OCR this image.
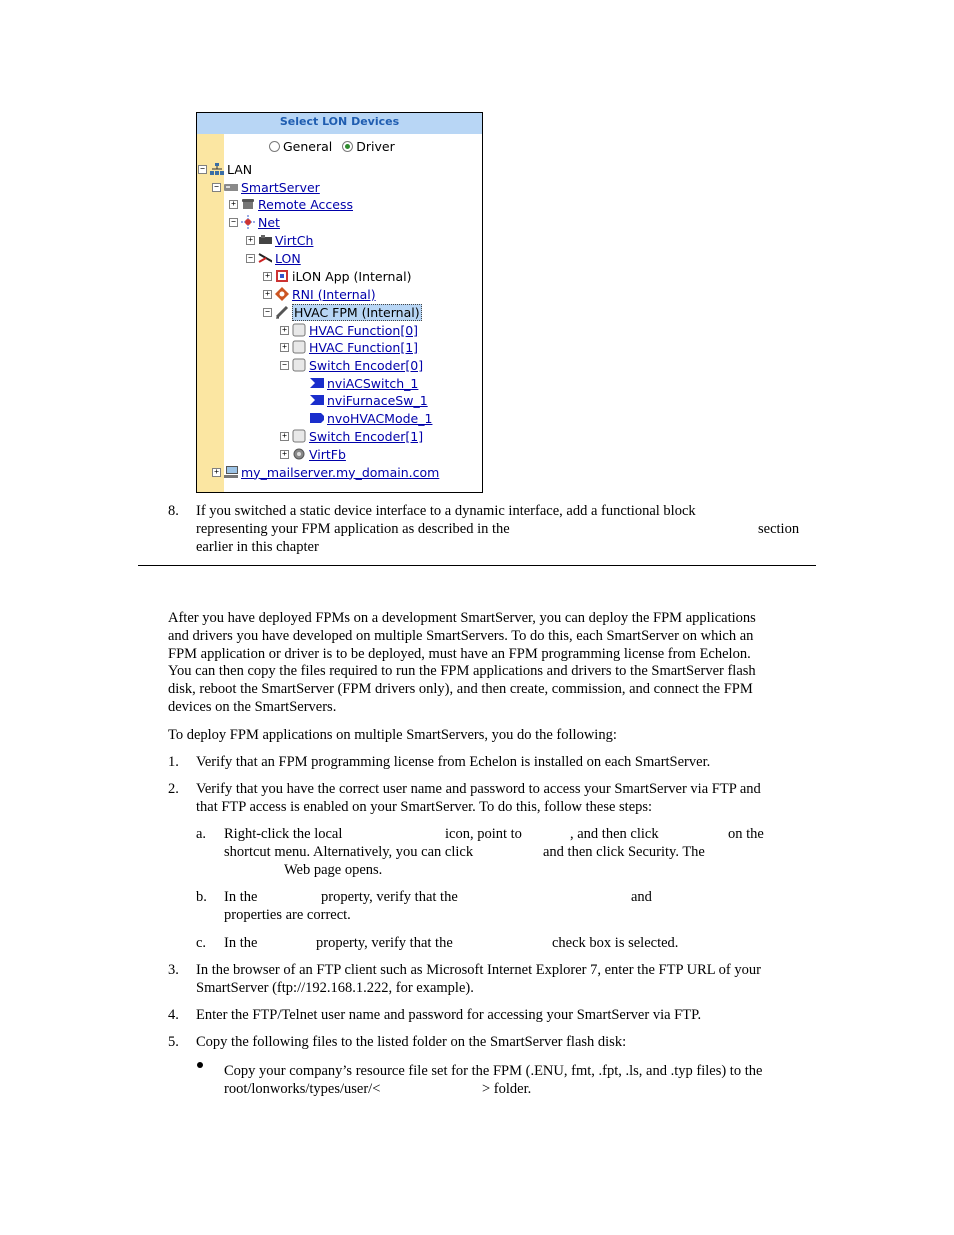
Select LON Devices
General Driver
− LAN
− SmartServer
+ Remote Access
− Net
+ VirtCh
− LON
+ iLON App (Internal)
+ RNI (Internal)
− HVAC FPM (Internal)
+ HVAC Function[0]
+ HVAC Function[1]
− Switch Encoder[0]
nviACSwitch_1
nviFurnaceSw_1
nvoHVACMode_1
+ Switch Encoder[1]
+ VirtFb
+ my_mailserver.my_domain.com
8. If you switched a static device interface to a dynamic interface, add a functional block
representing your FPM application as described in the	section
earlier in this chapter
After you have deployed FPMs on a development SmartServer, you can deploy the FPM applications
and drivers you have developed on multiple SmartServers. To do this, each SmartServer on which an
FPM application or driver is to be deployed, must have an FPM programming license from Echelon.
You can then copy the files required to run the FPM applications and drivers to the SmartServer flash
disk, reboot the SmartServer (FPM drivers only), and then create, commission, and connect the FPM
devices on the SmartServers.
To deploy FPM applications on multiple SmartServers, you do the following:
1. Verify that an FPM programming license from Echelon is installed on each SmartServer.
2. Verify that you have the correct user name and password to access your SmartServer via FTP and
that FTP access is enabled on your SmartServer. To do this, follow these steps:
a. Right-click the local	icon, point to	, and then click	on the
shortcut menu. Alternatively, you can click	and then click Security. The
Web page opens.
b. In the	property, verify that the	and
properties are correct.
c. In the	property, verify that the	check box is selected.
3. In the browser of an FTP client such as Microsoft Internet Explorer 7, enter the FTP URL of your
SmartServer (ftp://192.168.1.222, for example).
4. Enter the FTP/Telnet user name and password for accessing your SmartServer via FTP.
5. Copy the following files to the listed folder on the SmartServer flash disk:
Copy your company’s resource file set for the FPM (.ENU, fmt, .fpt, .ls, and .typ files) to the
root/lonworks/types/user/<	> folder.
